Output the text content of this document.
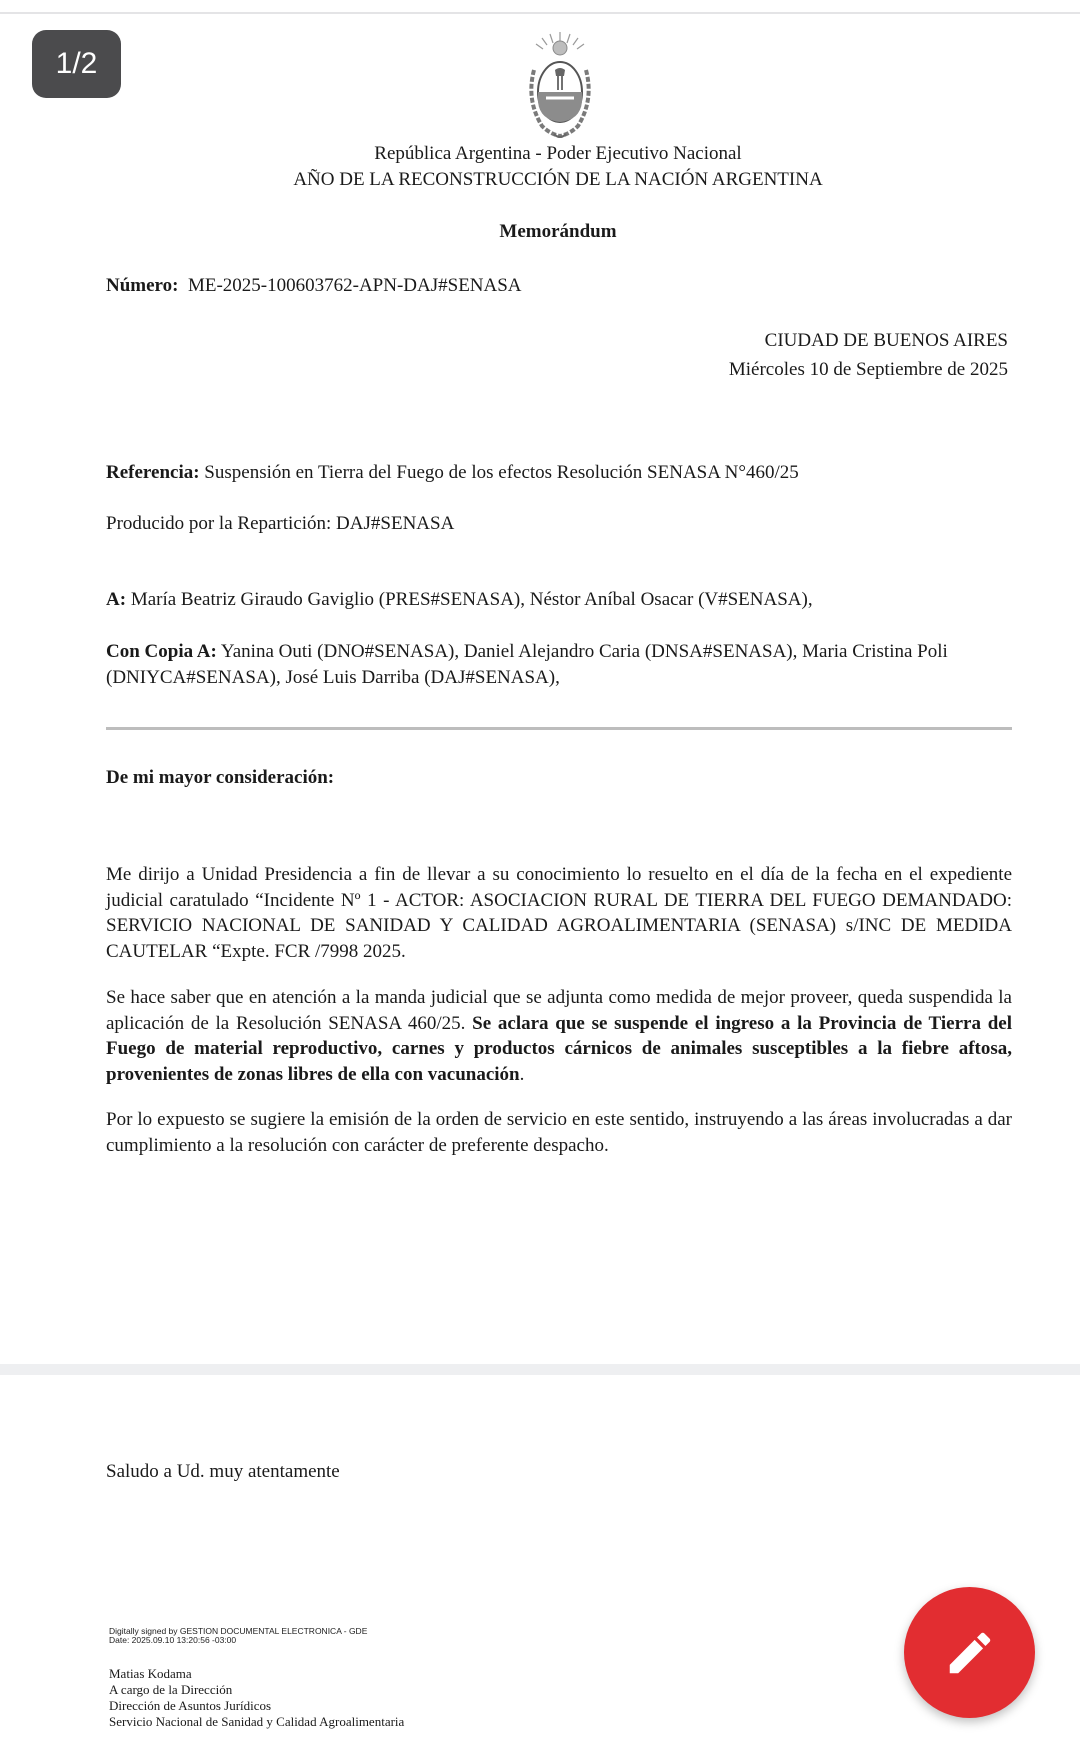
1/2
República Argentina - Poder Ejecutivo Nacional
AÑO DE LA RECONSTRUCCIÓN DE LA NACIÓN ARGENTINA
Memorándum
Número: ME-2025-100603762-APN-DAJ#SENASA
CIUDAD DE BUENOS AIRES
Miércoles 10 de Septiembre de 2025
Referencia: Suspensión en Tierra del Fuego de los efectos Resolución SENASA N°460/25
Producido por la Repartición: DAJ#SENASA
A: María Beatriz Giraudo Gaviglio (PRES#SENASA), Néstor Aníbal Osacar (V#SENASA),
Con Copia A: Yanina Outi (DNO#SENASA), Daniel Alejandro Caria (DNSA#SENASA), Maria Cristina Poli
(DNIYCA#SENASA), José Luis Darriba (DAJ#SENASA),
De mi mayor consideración:

Me dirijo a Unidad Presidencia a fin de llevar a su conocimiento lo resuelto en el día de la fecha en el expediente judicial caratulado “Incidente Nº 1 - ACTOR: ASOCIACION RURAL DE TIERRA DEL FUEGO DEMANDADO: SERVICIO NACIONAL DE SANIDAD Y CALIDAD AGROALIMENTARIA (SENASA) s/INC DE MEDIDA CAUTELAR “Expte. FCR /7998 2025.

Se hace saber que en atención a la manda judicial que se adjunta como medida de mejor proveer, queda suspendida la aplicación de la Resolución SENASA 460/25. Se aclara que se suspende el ingreso a la Provincia de Tierra del Fuego de material reproductivo, carnes y productos cárnicos de animales susceptibles a la fiebre aftosa, provenientes de zonas libres de ella con vacunación.

Por lo expuesto se sugiere la emisión de la orden de servicio en este sentido, instruyendo a las áreas involucradas a dar cumplimiento a la resolución con carácter de preferente despacho.

Saludo a Ud. muy atentamente
Digitally signed by GESTION DOCUMENTAL ELECTRONICA - GDE
Date: 2025.09.10 13:20:56 -03:00
Matias Kodama
A cargo de la Dirección
Dirección de Asuntos Jurídicos
Servicio Nacional de Sanidad y Calidad Agroalimentaria
